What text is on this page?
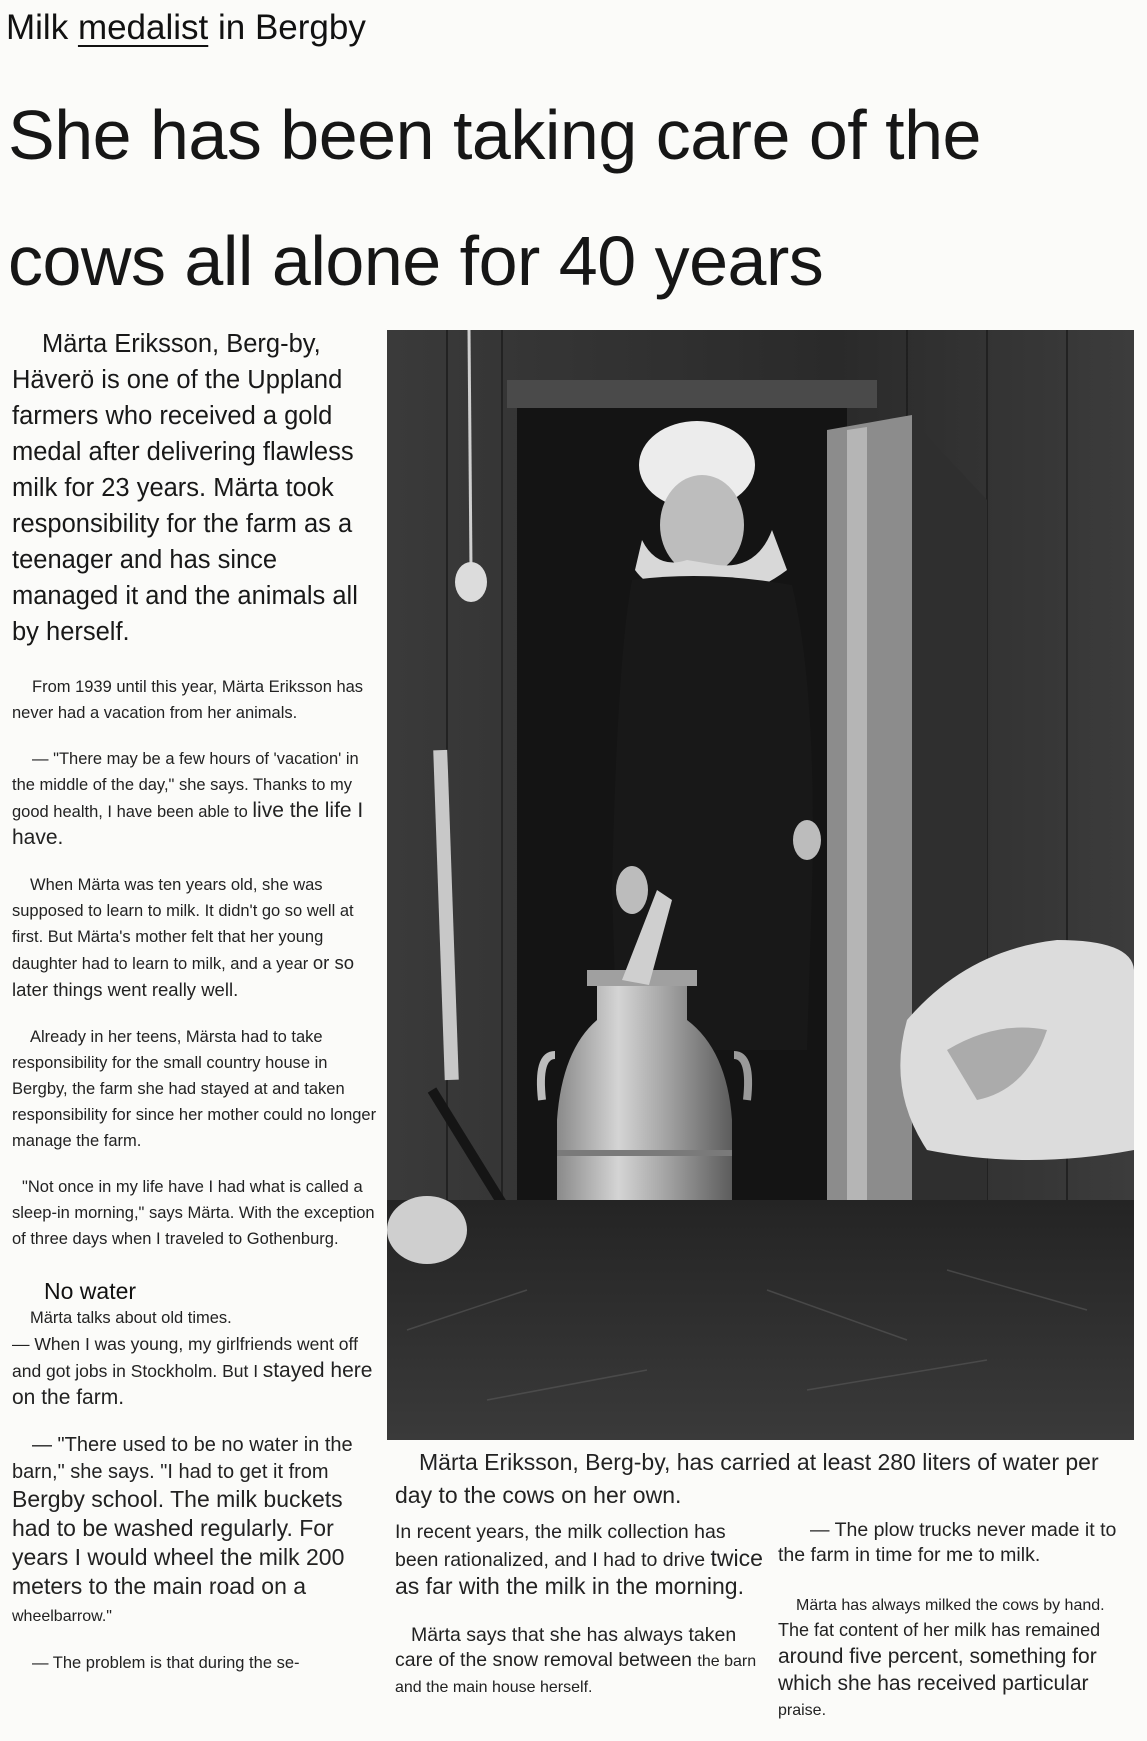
Milk medalist in Bergby
She has been taking care of the
cows all alone for 40 years

Märta Eriksson, Berg-by, Häverö is one of the Uppland farmers who received a gold medal after delivering flawless milk for 23 years. Märta took responsibility for the farm as a teenager and has since managed it and the animals all by herself.

From 1939 until this year, Märta Eriksson has never had a vacation from her animals.

— "There may be a few hours of 'vacation' in the middle of the day," she says. Thanks to my good health, I have been able to live the life I have.

When Märta was ten years old, she was supposed to learn to milk. It didn't go so well at first. But Märta's mother felt that her young daughter had to learn to milk, and a year or so later things went really well.

Already in her teens, Märsta had to take responsibility for the small country house in Bergby, the farm she had stayed at and taken responsibility for since her mother could no longer manage the farm.

"Not once in my life have I had what is called a sleep-in morning," says Märta. With the exception of three days when I traveled to Gothenburg.

No water

Märta talks about old times.
— When I was young, my girlfriends went off and got jobs in Stockholm. But I stayed here on the farm.

— "There used to be no water in the barn," she says. "I had to get it from Bergby school. The milk buckets had to be washed regularly. For years I would wheel the milk 200 meters to the main road on a wheelbarrow."

— The problem is that during the se-

Märta Eriksson, Berg-by, has carried at least 280 liters of water per day to the cows on her own.

In recent years, the milk collection has been rationalized, and I had to drive twice as far with the milk in the morning.

Märta says that she has always taken care of the snow removal between the barn and the main house herself.

— The plow trucks never made it to the farm in time for me to milk.

Märta has always milked the cows by hand.
The fat content of her milk has remained around five percent, something for which she has received particular praise.
